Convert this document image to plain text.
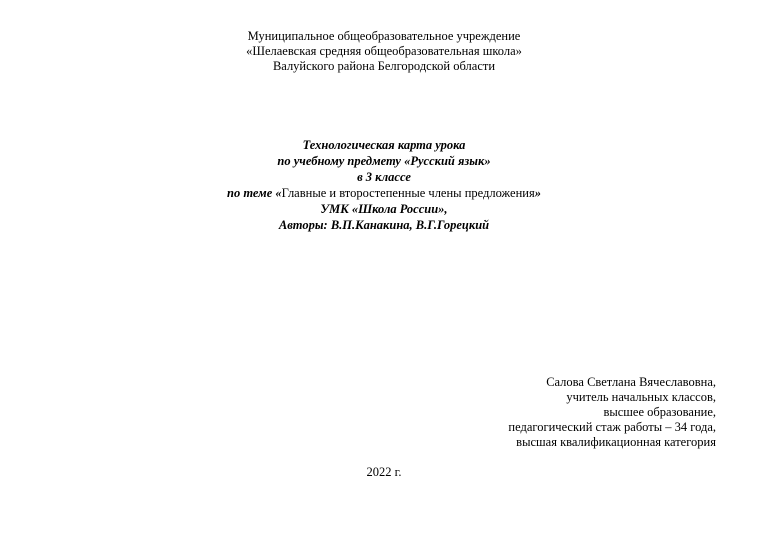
Муниципальное общеобразовательное учреждение
«Шелаевская средняя общеобразовательная школа»
Валуйского района Белгородской области
Технологическая карта урока
по учебному предмету «Русский язык»
в 3 классе
по теме «Главные и второстепенные члены предложения»
УМК «Школа России»,
Авторы: В.П.Канакина, В.Г.Горецкий
Салова Светлана Вячеславовна,
учитель начальных классов,
высшее образование,
педагогический стаж работы – 34 года,
высшая квалификационная категория
2022 г.
